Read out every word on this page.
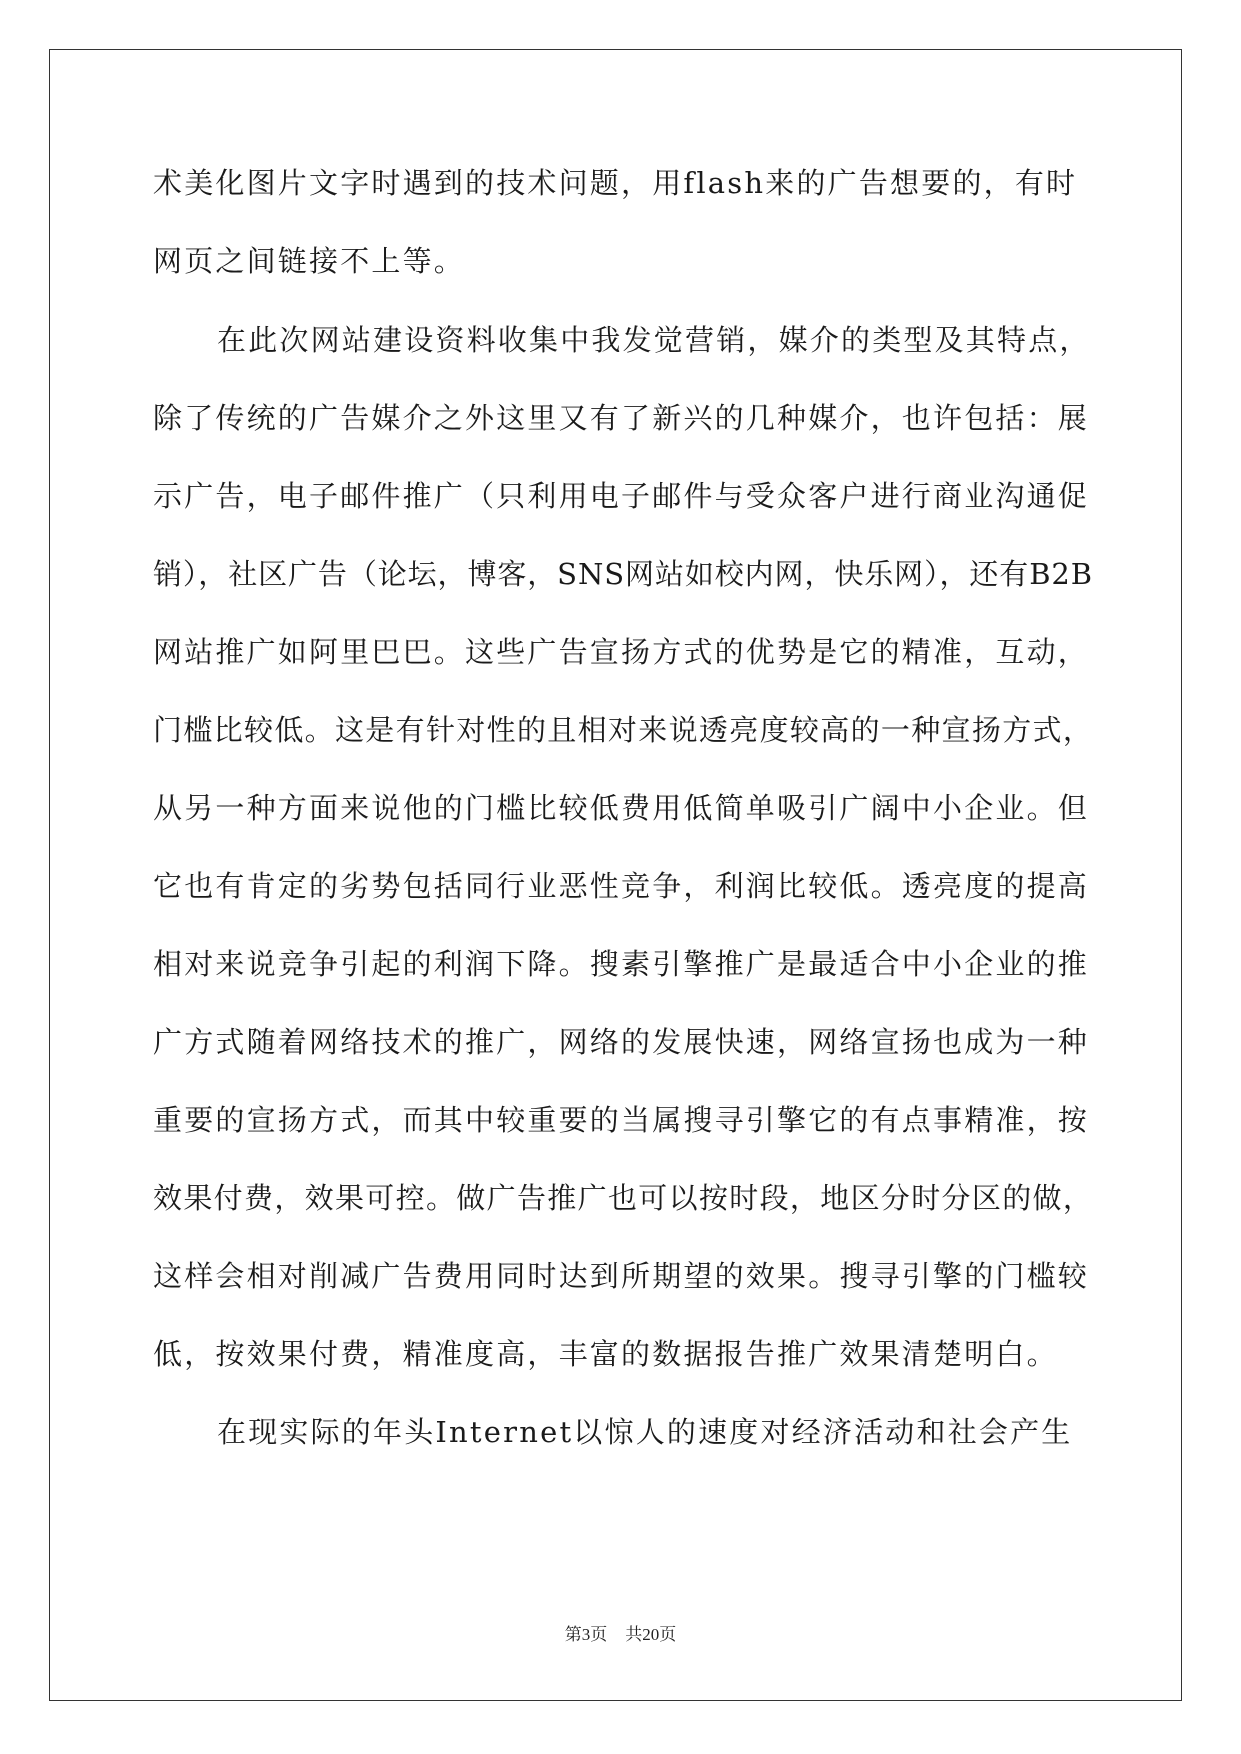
术美化图片文字时遇到的技术问题，用flash来的广告想要的，有时
网页之间链接不上等。
在此次网站建设资料收集中我发觉营销，媒介的类型及其特点，
除了传统的广告媒介之外这里又有了新兴的几种媒介，也许包括：展
示广告，电子邮件推广（只利用电子邮件与受众客户进行商业沟通促
销），社区广告（论坛，博客，SNS网站如校内网，快乐网），还有B2B
网站推广如阿里巴巴。这些广告宣扬方式的优势是它的精准，互动，
门槛比较低。这是有针对性的且相对来说透亮度较高的一种宣扬方式，
从另一种方面来说他的门槛比较低费用低简单吸引广阔中小企业。但
它也有肯定的劣势包括同行业恶性竞争，利润比较低。透亮度的提高
相对来说竞争引起的利润下降。搜素引擎推广是最适合中小企业的推
广方式随着网络技术的推广，网络的发展快速，网络宣扬也成为一种
重要的宣扬方式，而其中较重要的当属搜寻引擎它的有点事精准，按
效果付费，效果可控。做广告推广也可以按时段，地区分时分区的做，
这样会相对削减广告费用同时达到所期望的效果。搜寻引擎的门槛较
低，按效果付费，精准度高，丰富的数据报告推广效果清楚明白。
在现实际的年头Internet以惊人的速度对经济活动和社会产生
第3页 共20页
